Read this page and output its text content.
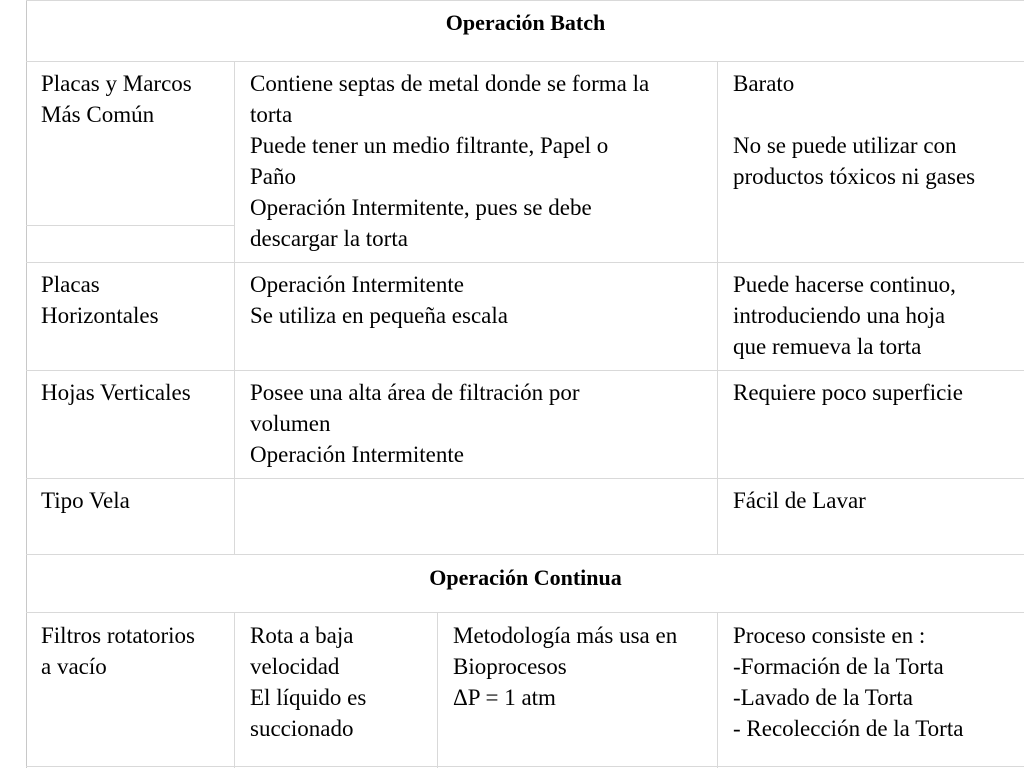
Operación Batch
Placas y Marcos
Más Común
Contiene septas de metal donde se forma la
torta
Puede tener un medio filtrante, Papel o
Paño
Operación Intermitente, pues se debe
descargar la torta
Barato
No se puede utilizar con
productos tóxicos ni gases
Placas
Horizontales
Operación Intermitente
Se utiliza en pequeña escala
Puede hacerse continuo,
introduciendo una hoja
que remueva la torta
Hojas Verticales	Posee una alta área de filtración por
volumen
Operación Intermitente
Requiere poco superficie
Tipo Vela	Fácil de Lavar
Operación Continua
Filtros rotatorios
a vacío
Rota a baja
velocidad
El líquido es
succionado
Metodología más usa en
Bioprocesos
ΔP = 1 atm
Proceso consiste en :
-Formación de la Torta
-Lavado de la Torta
- Recolección de la Torta
